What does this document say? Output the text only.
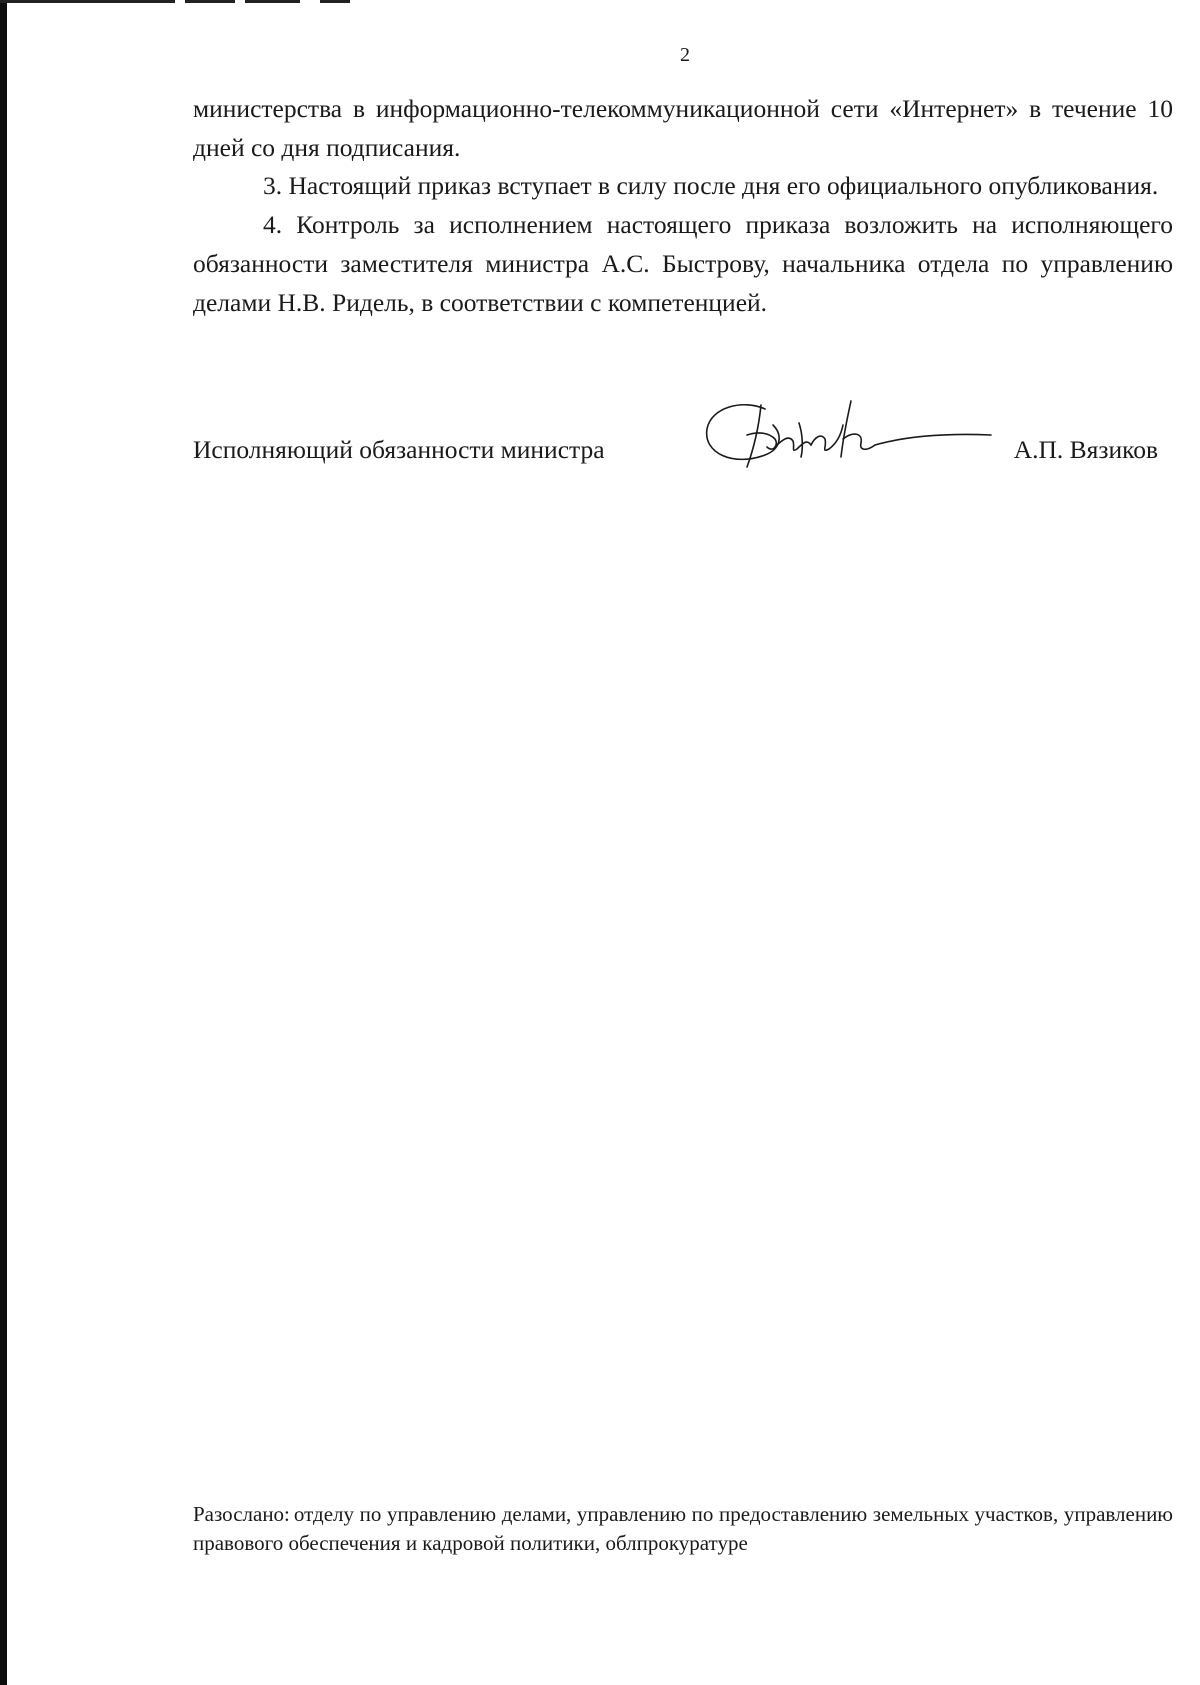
2

министерства в информационно-телекоммуникационной сети «Интернет» в течение 10 дней со дня подписания.

3. Настоящий приказ вступает в силу после дня его официального опубликования.

4. Контроль за исполнением настоящего приказа возложить на исполняющего обязанности заместителя министра А.С. Быстрову, начальника отдела по управлению делами Н.В. Ридель, в соответствии с компетенцией.

Исполняющий обязанности министра	А.П. Вязиков
Разослано: отделу по управлению делами, управлению по предоставлению земельных участков, управлению правового обеспечения и кадровой политики, облпрокуратуре
